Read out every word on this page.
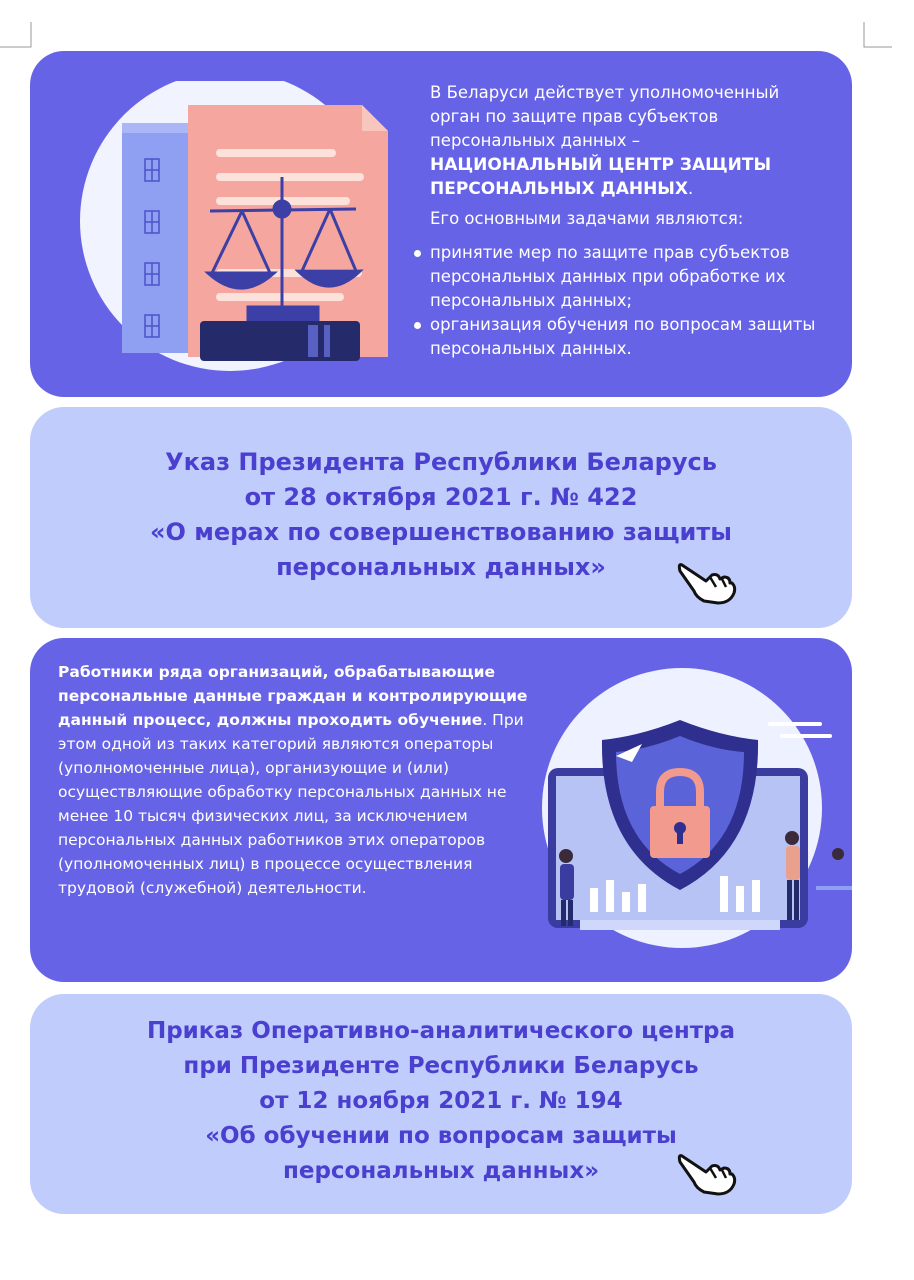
В Беларуси действует уполномоченный орган по защите прав субъектов персональных данных –
НАЦИОНАЛЬНЫЙ ЦЕНТР ЗАЩИТЫ ПЕРСОНАЛЬНЫХ ДАННЫХ.
Его основными задачами являются:
принятие мер по защите прав субъектов персональных данных при обработке их персональных данных;
организация обучения по вопросам защиты персональных данных.
Указ Президента Республики Беларусь
от 28 октября 2021 г. № 422
«О мерах по совершенствованию защиты
персональных данных»
Работники ряда организаций, обрабатывающие персональные данные граждан и контролирующие данный процесс, должны проходить обучение. При этом одной из таких категорий являются операторы (уполномоченные лица), организующие и (или) осуществляющие обработку персональных данных не менее 10 тысяч физических лиц, за исключением персональных данных работников этих операторов (уполномоченных лиц) в процессе осуществления трудовой (служебной) деятельности.
Приказ Оперативно-аналитического центра
при Президенте Республики Беларусь
от 12 ноября 2021 г. № 194
«Об обучении по вопросам защиты
персональных данных»
